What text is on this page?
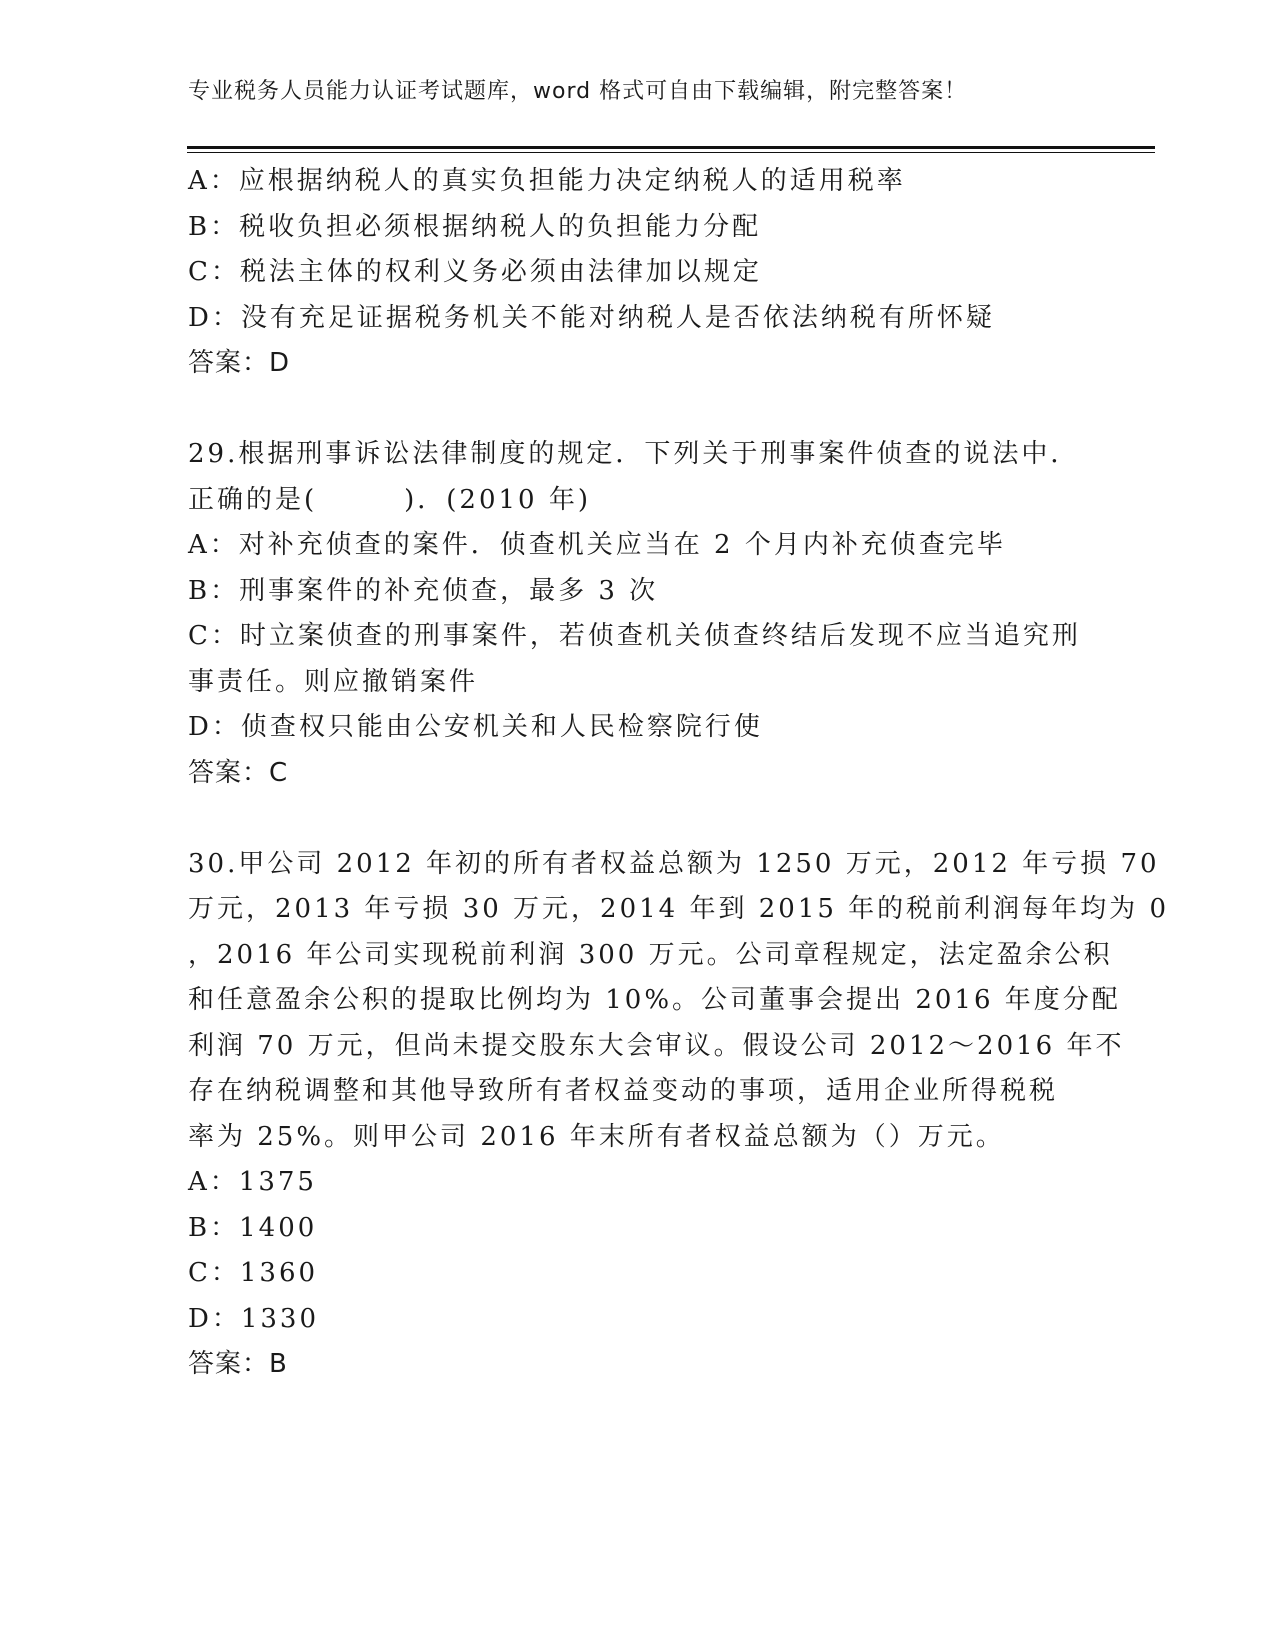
专业税务人员能力认证考试题库，word 格式可自由下载编辑，附完整答案！
A：应根据纳税人的真实负担能力决定纳税人的适用税率
B：税收负担必须根据纳税人的负担能力分配
C：税法主体的权利义务必须由法律加以规定
D：没有充足证据税务机关不能对纳税人是否依法纳税有所怀疑
答案：D
29.根据刑事诉讼法律制度的规定．下列关于刑事案件侦查的说法中．
正确的是(　　　)．(2010 年)
A：对补充侦查的案件．侦查机关应当在 2 个月内补充侦查完毕
B：刑事案件的补充侦查，最多 3 次
C：时立案侦查的刑事案件，若侦查机关侦查终结后发现不应当追究刑
事责任。则应撤销案件
D：侦查权只能由公安机关和人民检察院行使
答案：C
30.甲公司 2012 年初的所有者权益总额为 1250 万元，2012 年亏损 70
万元，2013 年亏损 30 万元，2014 年到 2015 年的税前利润每年均为 0
，2016 年公司实现税前利润 300 万元。公司章程规定，法定盈余公积
和任意盈余公积的提取比例均为 10%。公司董事会提出 2016 年度分配
利润 70 万元，但尚未提交股东大会审议。假设公司 2012～2016 年不
存在纳税调整和其他导致所有者权益变动的事项，适用企业所得税税
率为 25%。则甲公司 2016 年末所有者权益总额为（）万元。
A：1375
B：1400
C：1360
D：1330
答案：B
